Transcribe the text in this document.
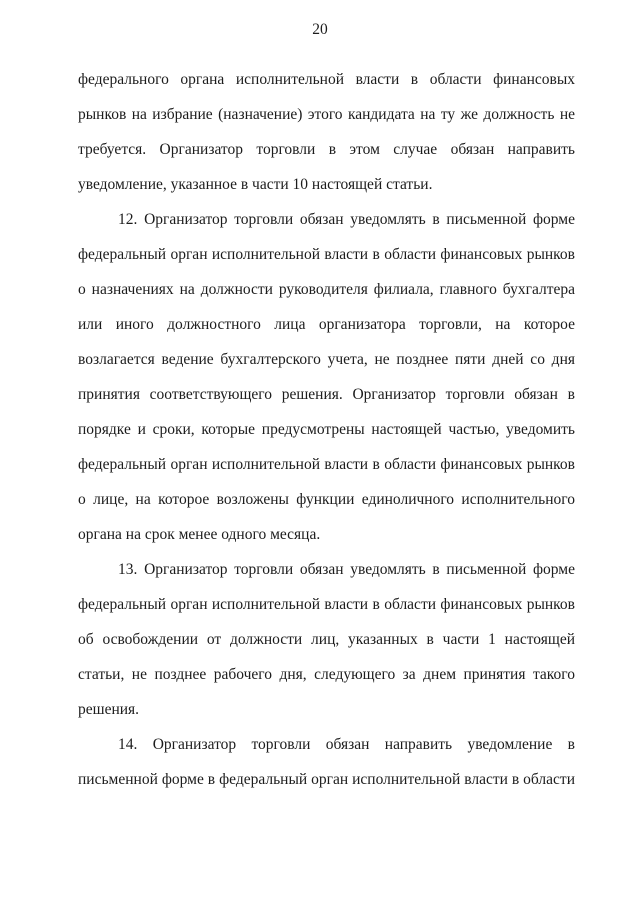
20
федерального органа исполнительной власти в области финансовых
рынков на избрание (назначение) этого кандидата на ту же должность не
требуется. Организатор торговли в этом случае обязан направить
уведомление, указанное в части 10 настоящей статьи.
12. Организатор торговли обязан уведомлять в письменной форме
федеральный орган исполнительной власти в области финансовых рынков
о назначениях на должности руководителя филиала, главного бухгалтера
или иного должностного лица организатора торговли, на которое
возлагается ведение бухгалтерского учета, не позднее пяти дней со дня
принятия соответствующего решения. Организатор торговли обязан в
порядке и сроки, которые предусмотрены настоящей частью, уведомить
федеральный орган исполнительной власти в области финансовых рынков
о лице, на которое возложены функции единоличного исполнительного
органа на срок менее одного месяца.
13. Организатор торговли обязан уведомлять в письменной форме
федеральный орган исполнительной власти в области финансовых рынков
об освобождении от должности лиц, указанных в части 1 настоящей
статьи, не позднее рабочего дня, следующего за днем принятия такого
решения.
14. Организатор торговли обязан направить уведомление в
письменной форме в федеральный орган исполнительной власти в области
